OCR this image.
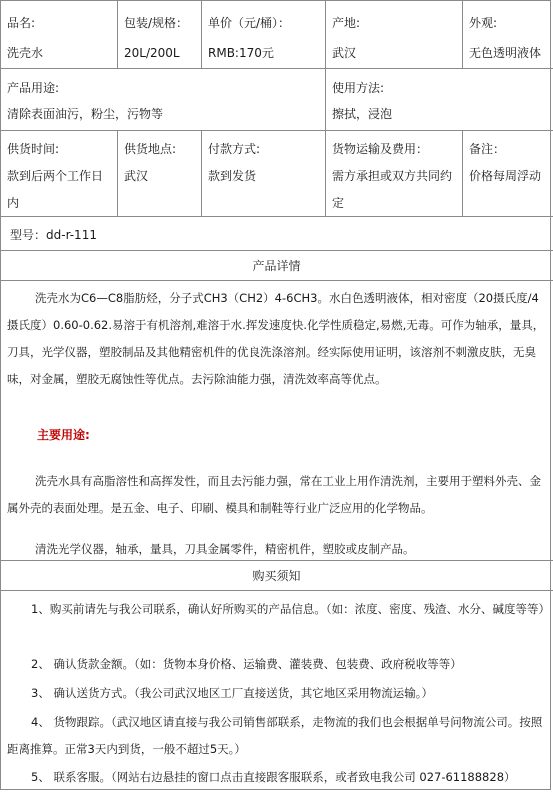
品名:
洗壳水
包装/规格：
20L/200L
单价（元/桶）：
RMB:170元
产地:
武汉
外观:
无色透明液体
产品用途:
清除表面油污，粉尘，污物等
使用方法:
擦拭，浸泡
供货时间:
款到后两个工作日
内
供货地点:
武汉
付款方式:
款到发货
货物运输及费用：
需方承担或双方共同约
定
备注：
价格每周浮动
型号：dd-r-111
产品详情
洗壳水为C6—C8脂肪烃，分子式CH3（CH2）4-6CH3。水白色透明液体，相对密度（20摄氏度/4摄氏度）0.60-0.62.易溶于有机溶剂,难溶于水.挥发速度快.化学性质稳定,易燃,无毒。可作为轴承，量具，刀具，光学仪器，塑胶制品及其他精密机件的优良洗涤溶剂。经实际使用证明，该溶剂不刺激皮肤，无臭味，对金属，塑胶无腐蚀性等优点。去污除油能力强，清洗效率高等优点。
主要用途:
洗壳水具有高脂溶性和高挥发性，而且去污能力强，常在工业上用作清洗剂，主要用于塑料外壳、金属外壳的表面处理。是五金、电子、印刷、模具和制鞋等行业广泛应用的化学物品。
清洗光学仪器，轴承，量具，刀具金属零件，精密机件，塑胶或皮制产品。
购买须知
1、购买前请先与我公司联系，确认好所购买的产品信息。（如：浓度、密度、残渣、水分、碱度等等）
2、 确认货款金额。（如：货物本身价格、运输费、灌装费、包装费、政府税收等等）
3、 确认送货方式。（我公司武汉地区工厂直接送货，其它地区采用物流运输。）
4、 货物跟踪。（武汉地区请直接与我公司销售部联系，走物流的我们也会根据单号问物流公司。按照距离推算。正常3天内到货，一般不超过5天。）
5、 联系客服。（网站右边悬挂的窗口点击直接跟客服联系，或者致电我公司 027-61188828）
